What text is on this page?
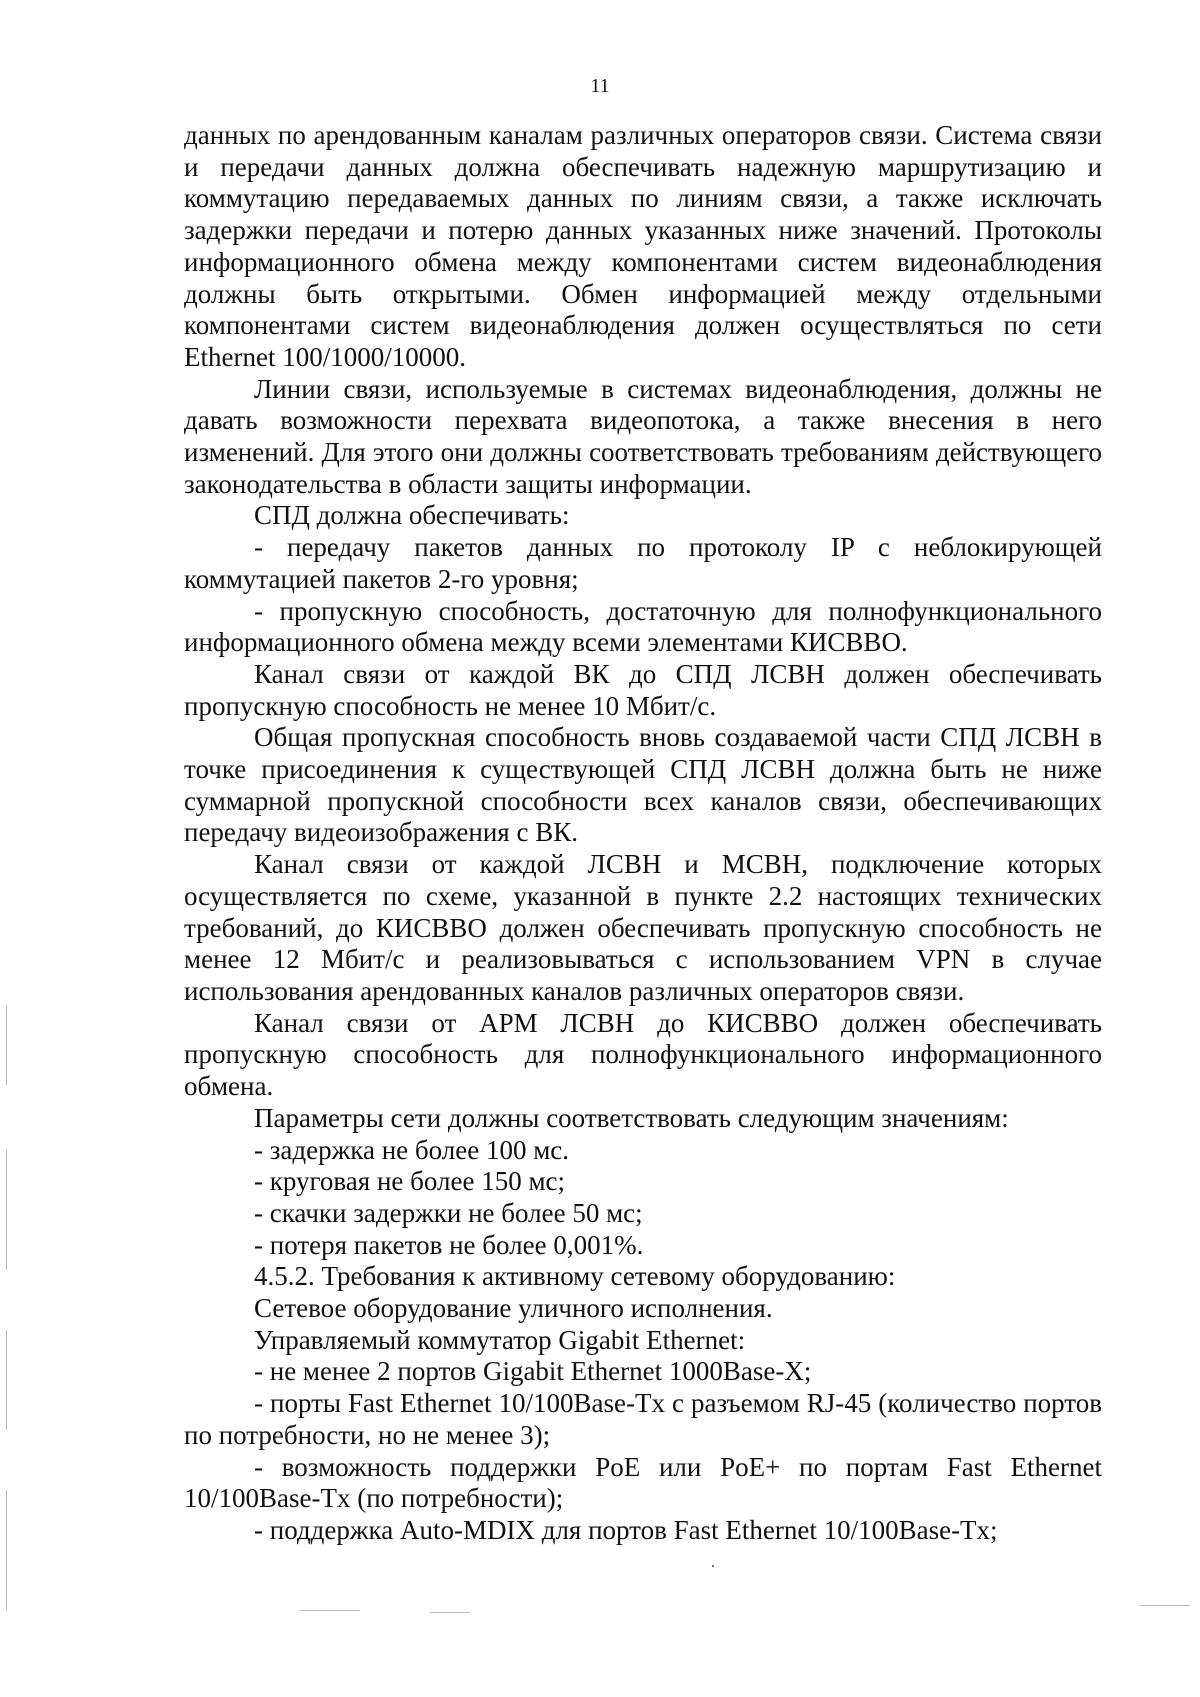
11

данных по арендованным каналам различных операторов связи. Система связи и передачи данных должна обеспечивать надежную маршрутизацию и коммутацию передаваемых данных по линиям связи, а также исключать задержки передачи и потерю данных указанных ниже значений. Протоколы информационного обмена между компонентами систем видеонаблюдения должны быть открытыми. Обмен информацией между отдельными компонентами систем видеонаблюдения должен осуществляться по сети Ethernet 100/1000/10000.

Линии связи, используемые в системах видеонаблюдения, должны не давать возможности перехвата видеопотока, а также внесения в него изменений. Для этого они должны соответствовать требованиям действующего законодательства в области защиты информации.

СПД должна обеспечивать:

- передачу пакетов данных по протоколу IP с неблокирующей коммутацией пакетов 2-го уровня;

- пропускную способность, достаточную для полнофункционального информационного обмена между всеми элементами КИСВВО.

Канал связи от каждой ВК до СПД ЛСВН должен обеспечивать пропускную способность не менее 10 Мбит/с.

Общая пропускная способность вновь создаваемой части СПД ЛСВН в точке присоединения к существующей СПД ЛСВН должна быть не ниже суммарной пропускной способности всех каналов связи, обеспечивающих передачу видеоизображения с ВК.

Канал связи от каждой ЛСВН и МСВН, подключение которых осуществляется по схеме, указанной в пункте 2.2 настоящих технических требований, до КИСВВО должен обеспечивать пропускную способность не менее 12 Мбит/с и реализовываться с использованием VPN в случае использования арендованных каналов различных операторов связи.

Канал связи от АРМ ЛСВН до КИСВВО должен обеспечивать пропускную способность для полнофункционального информационного обмена.

Параметры сети должны соответствовать следующим значениям:

- задержка не более 100 мс.

- круговая не более 150 мс;

- скачки задержки не более 50 мс;

- потеря пакетов не более 0,001%.

4.5.2. Требования к активному сетевому оборудованию:

Сетевое оборудование уличного исполнения.

Управляемый коммутатор Gigabit Ethernet:

- не менее 2 портов Gigabit Ethernet 1000Base-X;

- порты Fast Ethernet 10/100Base-Tx с разъемом RJ-45 (количество портов по потребности, но не менее 3);

- возможность поддержки PoE или PoE+ по портам Fast Ethernet 10/100Base-Tx (по потребности);

- поддержка Auto-MDIX для портов Fast Ethernet 10/100Base-Tx;
